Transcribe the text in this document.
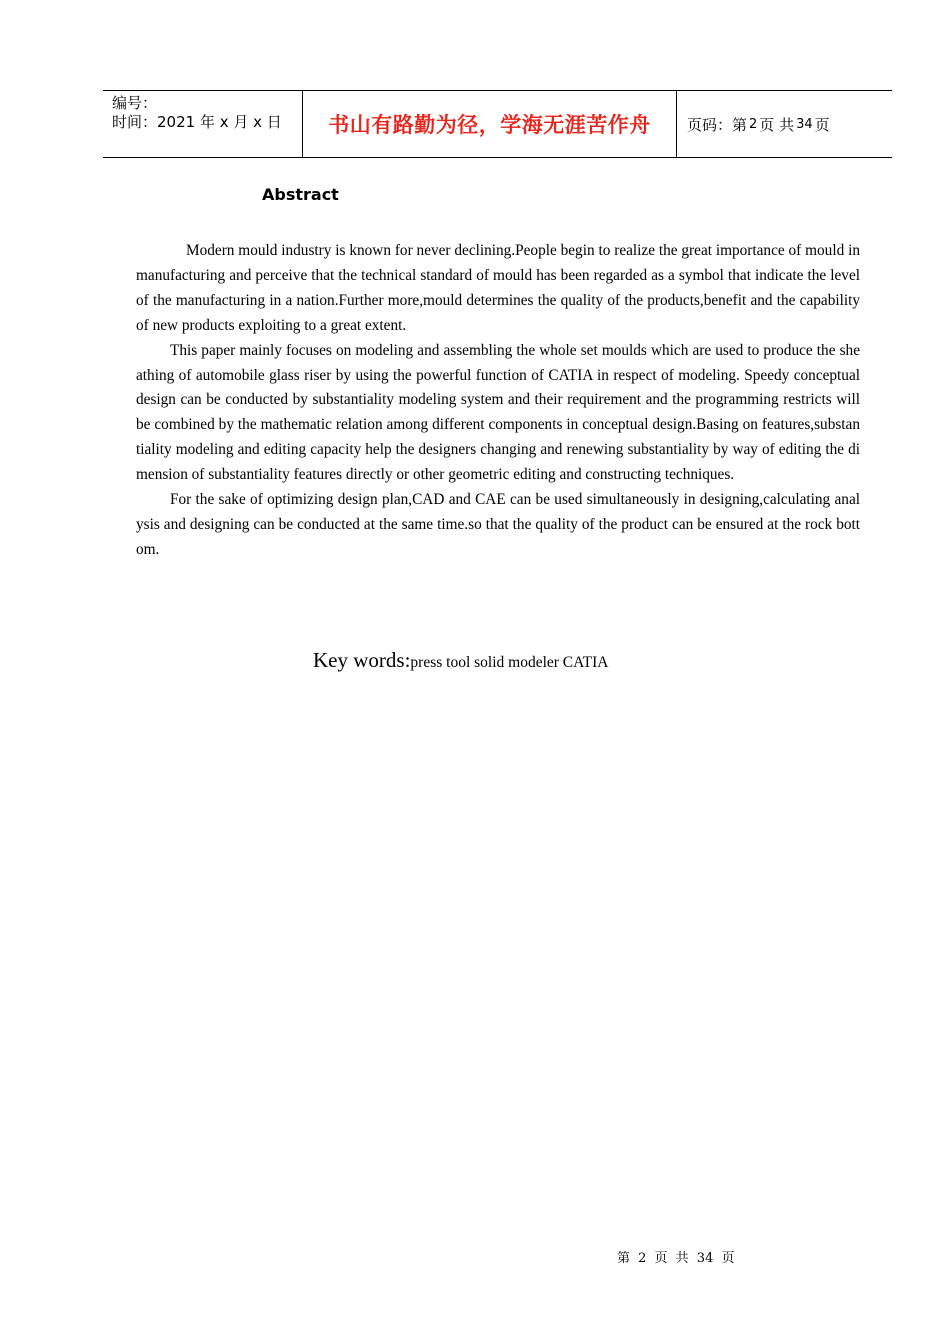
编号：
时间：2021 年 x 月 x 日	书山有路勤为径，学海无涯苦作舟	页码：第 2 页 共 34 页
Abstract

Modern mould industry is known for never declining.People begin to realize the great importance of mould in manufacturing and perceive that the technical standard of mould has been regarded as a symbol that indicate the level of the manufacturing in a nation.Further more,mould determines the quality of the products,benefit and the capability of new products exploiting to a great extent.

This paper mainly focuses on modeling and assembling the whole set moulds which are used to produce the sheathing of automobile glass riser by using the powerful function of CATIA in respect of modeling. Speedy conceptual design can be conducted by substantiality modeling system and their requirement and the programming restricts will be combined by the mathematic relation among different components in conceptual design.Basing on features,substantiality modeling and editing capacity help the designers changing and renewing substantiality by way of editing the dimension of substantiality features directly or other geometric editing and constructing techniques.

For the sake of optimizing design plan,CAD and CAE can be used simultaneously in designing,calculating analysis and designing can be conducted at the same time.so that the quality of the product can be ensured at the rock bottom.

Key words:press tool solid modeler CATIA
第 2 页 共 34 页
